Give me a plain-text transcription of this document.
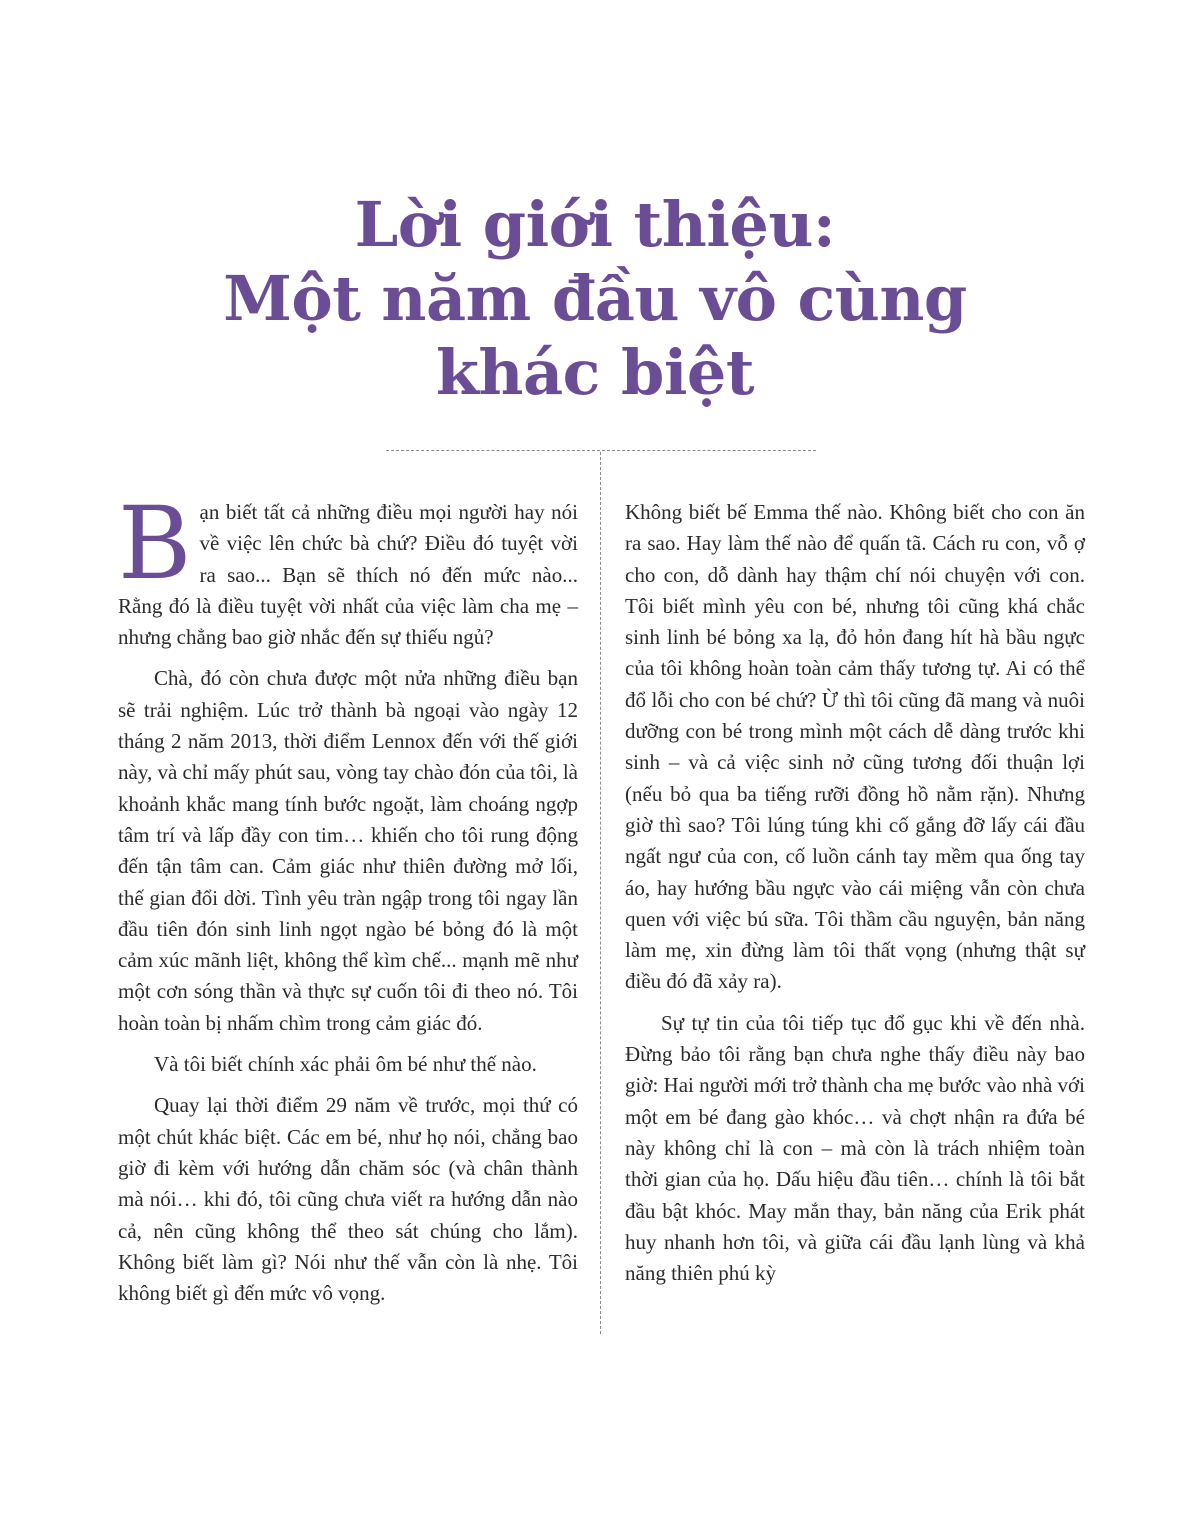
Lời giới thiệu:
Một năm đầu vô cùng
khác biệt

B ạn biết tất cả những điều mọi người hay nói về việc lên chức bà chứ? Điều đó tuyệt vời ra sao... Bạn sẽ thích nó đến mức nào... Rằng đó là điều tuyệt vời nhất của việc làm cha mẹ – nhưng chẳng bao giờ nhắc đến sự thiếu ngủ?

Chà, đó còn chưa được một nửa những điều bạn sẽ trải nghiệm. Lúc trở thành bà ngoại vào ngày 12 tháng 2 năm 2013, thời điểm Lennox đến với thế giới này, và chỉ mấy phút sau, vòng tay chào đón của tôi, là khoảnh khắc mang tính bước ngoặt, làm choáng ngợp tâm trí và lấp đầy con tim… khiến cho tôi rung động đến tận tâm can. Cảm giác như thiên đường mở lối, thế gian đổi dời. Tình yêu tràn ngập trong tôi ngay lần đầu tiên đón sinh linh ngọt ngào bé bỏng đó là một cảm xúc mãnh liệt, không thể kìm chế... mạnh mẽ như một cơn sóng thần và thực sự cuốn tôi đi theo nó. Tôi hoàn toàn bị nhấm chìm trong cảm giác đó.

Và tôi biết chính xác phải ôm bé như thế nào.

Quay lại thời điểm 29 năm về trước, mọi thứ có một chút khác biệt. Các em bé, như họ nói, chẳng bao giờ đi kèm với hướng dẫn chăm sóc (và chân thành mà nói… khi đó, tôi cũng chưa viết ra hướng dẫn nào cả, nên cũng không thể theo sát chúng cho lắm). Không biết làm gì? Nói như thế vẫn còn là nhẹ. Tôi không biết gì đến mức vô vọng.

Không biết bế Emma thế nào. Không biết cho con ăn ra sao. Hay làm thế nào để quấn tã. Cách ru con, vỗ ợ cho con, dỗ dành hay thậm chí nói chuyện với con. Tôi biết mình yêu con bé, nhưng tôi cũng khá chắc sinh linh bé bỏng xa lạ, đỏ hỏn đang hít hà bầu ngực của tôi không hoàn toàn cảm thấy tương tự. Ai có thể đổ lỗi cho con bé chứ? Ừ thì tôi cũng đã mang và nuôi dưỡng con bé trong mình một cách dễ dàng trước khi sinh – và cả việc sinh nở cũng tương đối thuận lợi (nếu bỏ qua ba tiếng rưỡi đồng hồ nằm rặn). Nhưng giờ thì sao? Tôi lúng túng khi cố gắng đỡ lấy cái đầu ngất ngư của con, cố luồn cánh tay mềm qua ống tay áo, hay hướng bầu ngực vào cái miệng vẫn còn chưa quen với việc bú sữa. Tôi thầm cầu nguyện, bản năng làm mẹ, xin đừng làm tôi thất vọng (nhưng thật sự điều đó đã xảy ra).

Sự tự tin của tôi tiếp tục đổ gục khi về đến nhà. Đừng bảo tôi rằng bạn chưa nghe thấy điều này bao giờ: Hai người mới trở thành cha mẹ bước vào nhà với một em bé đang gào khóc… và chợt nhận ra đứa bé này không chỉ là con – mà còn là trách nhiệm toàn thời gian của họ. Dấu hiệu đầu tiên… chính là tôi bắt đầu bật khóc. May mắn thay, bản năng của Erik phát huy nhanh hơn tôi, và giữa cái đầu lạnh lùng và khả năng thiên phú kỳ
